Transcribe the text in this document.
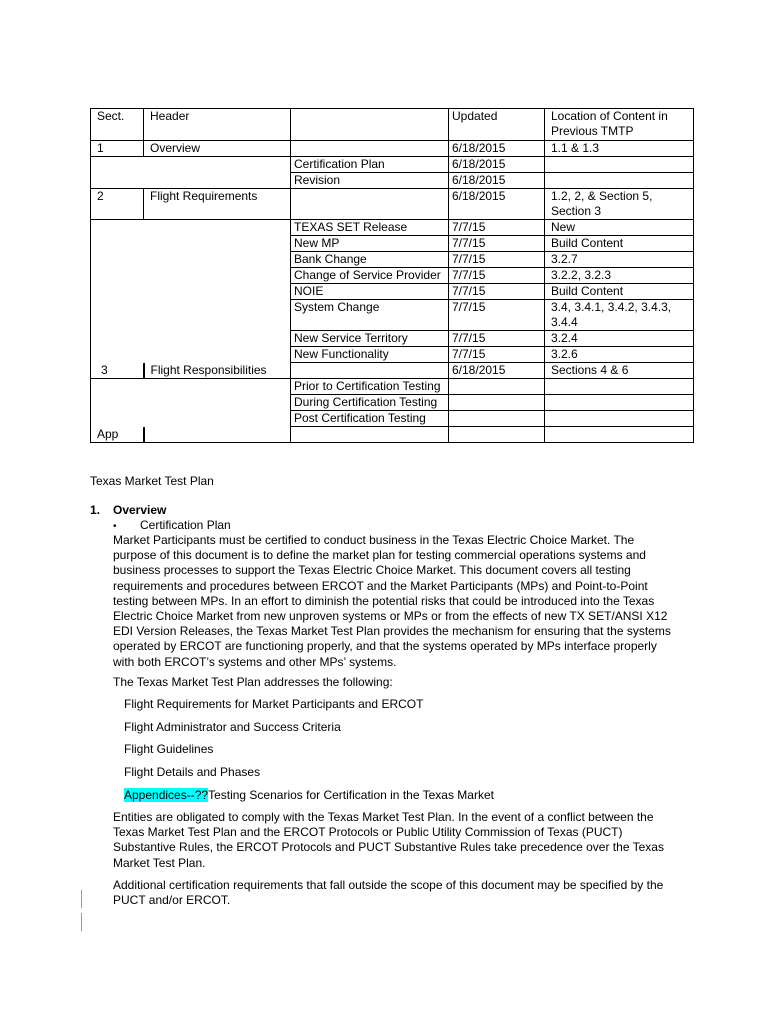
Sect.	Header		Updated	Location of Content in Previous TMTP
1	Overview		6/18/2015	1.1 & 1.3
		Certification Plan	6/18/2015	
		Revision	6/18/2015	
2	Flight Requirements		6/18/2015	1.2, 2, & Section 5, Section 3
		TEXAS SET Release	7/7/15	New
		New MP	7/7/15	Build Content
		Bank Change	7/7/15	3.2.7
		Change of Service Provider	7/7/15	3.2.2, 3.2.3
		NOIE	7/7/15	Build Content
		System Change	7/7/15	3.4, 3.4.1, 3.4.2, 3.4.3, 3.4.4
		New Service Territory	7/7/15	3.2.4
		New Functionality	7/7/15	3.2.6
3	Flight Responsibilities		6/18/2015	Sections 4 & 6
		Prior to Certification Testing		
		During Certification Testing		
		Post Certification Testing		
App				
Texas Market Test Plan
1. Overview
• Certification Plan

Market Participants must be certified to conduct business in the Texas Electric Choice Market. The purpose of this document is to define the market plan for testing commercial operations systems and business processes to support the Texas Electric Choice Market. This document covers all testing requirements and procedures between ERCOT and the Market Participants (MPs) and Point-to-Point testing between MPs. In an effort to diminish the potential risks that could be introduced into the Texas Electric Choice Market from new unproven systems or MPs or from the effects of new TX SET/ANSI X12 EDI Version Releases, the Texas Market Test Plan provides the mechanism for ensuring that the systems operated by ERCOT are functioning properly, and that the systems operated by MPs interface properly with both ERCOT’s systems and other MPs’ systems.

The Texas Market Test Plan addresses the following:

Flight Requirements for Market Participants and ERCOT
Flight Administrator and Success Criteria
Flight Guidelines
Flight Details and Phases
Appendices--??Testing Scenarios for Certification in the Texas Market

Entities are obligated to comply with the Texas Market Test Plan. In the event of a conflict between the Texas Market Test Plan and the ERCOT Protocols or Public Utility Commission of Texas (PUCT) Substantive Rules, the ERCOT Protocols and PUCT Substantive Rules take precedence over the Texas Market Test Plan.

Additional certification requirements that fall outside the scope of this document may be specified by the PUCT and/or ERCOT.
